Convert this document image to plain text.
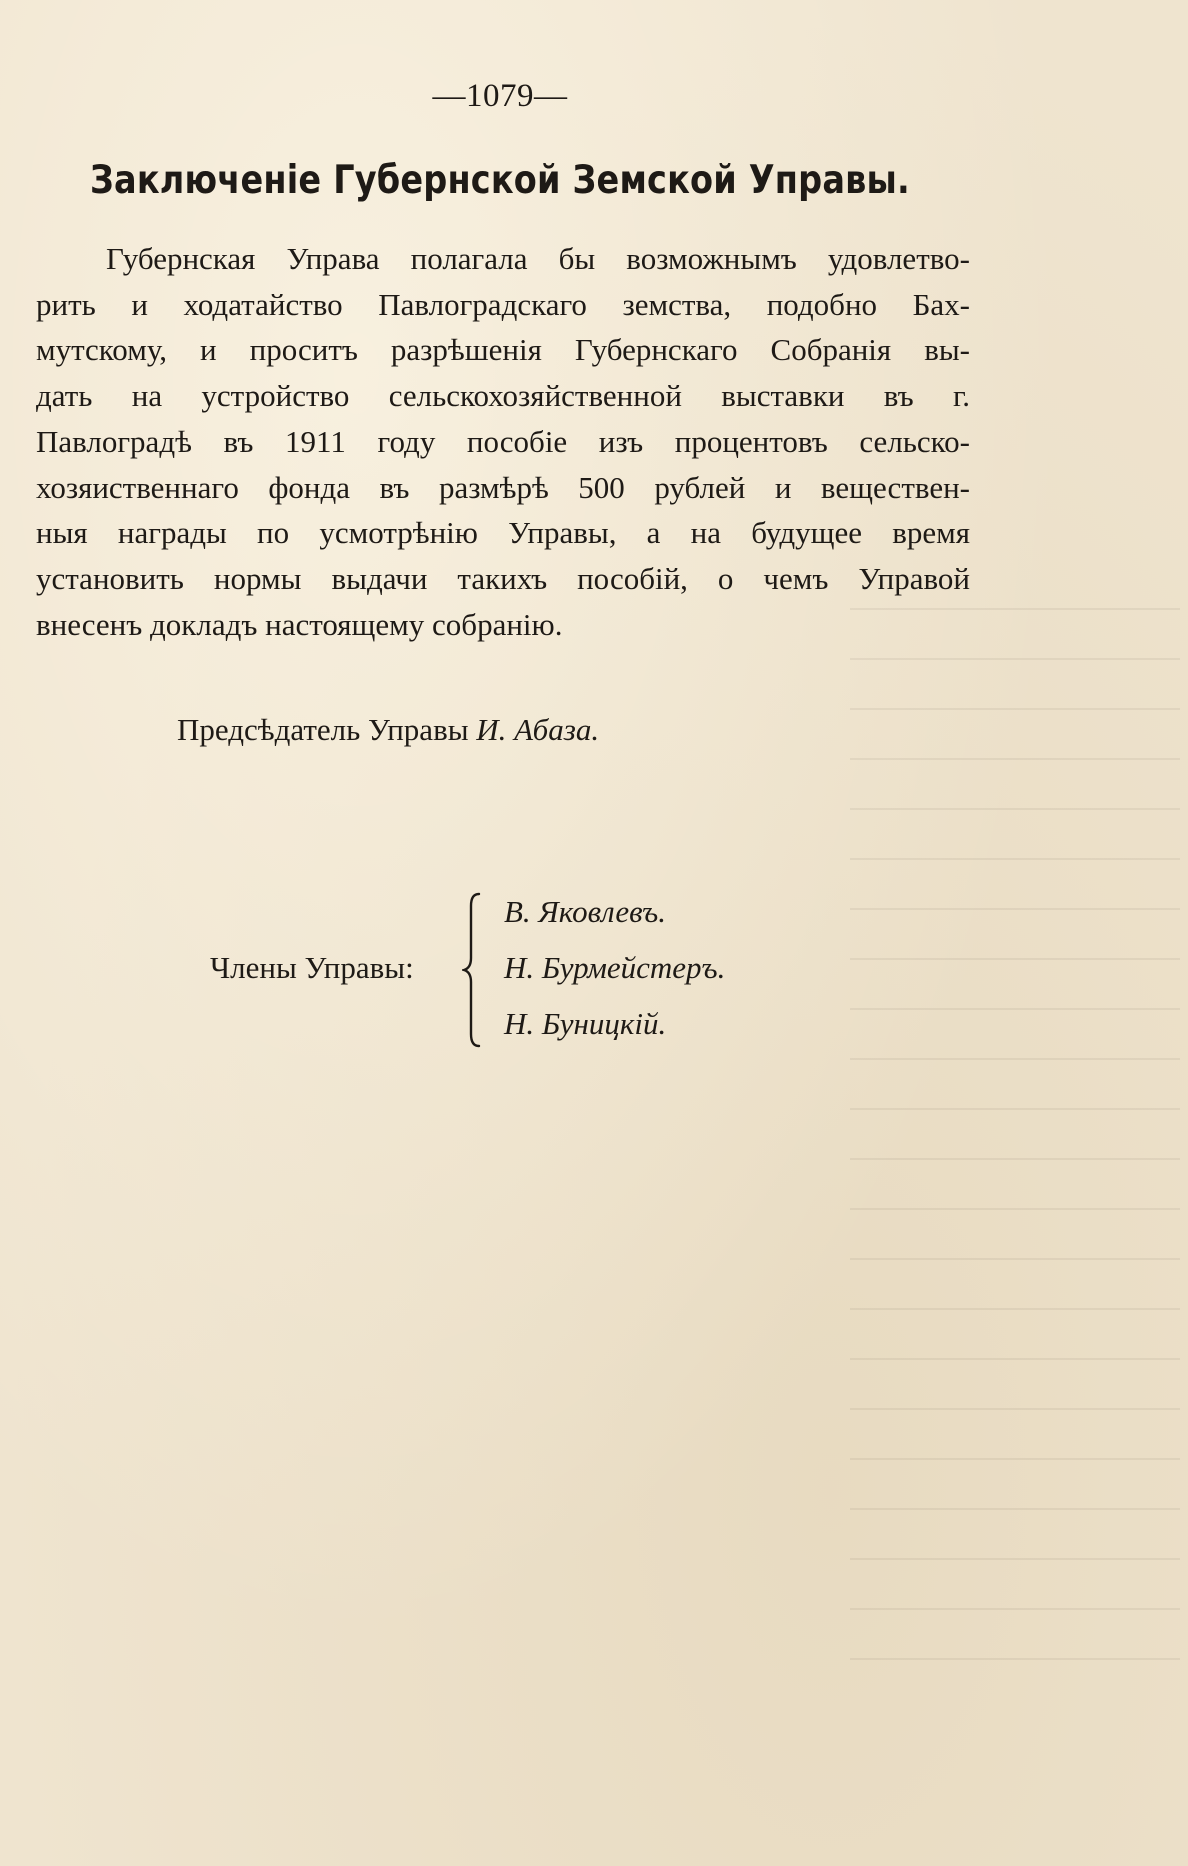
—1079—
Заключеніе Губернской Земской Управы.
Губернская Управа полагала бы возможнымъ удовлетво-
рить и ходатайство Павлоградскаго земства, подобно Бах-
мутскому, и проситъ разрѣшенія Губернскаго Собранія вы-
дать на устройство сельскохозяйственной выставки въ г.
Павлоградѣ въ 1911 году пособіе изъ процентовъ сельско-
хозяиственнаго фонда въ размѣрѣ 500 рублей и веществен-
ныя награды по усмотрѣнію Управы, а на будущее время
установить нормы выдачи такихъ пособій, о чемъ Управой
внесенъ докладъ настоящему собранію.
Предсѣдатель Управы И. Абаза.
Члены Управы:
В. Яковлевъ.
Н. Бурмейстеръ.
Н. Буницкій.
